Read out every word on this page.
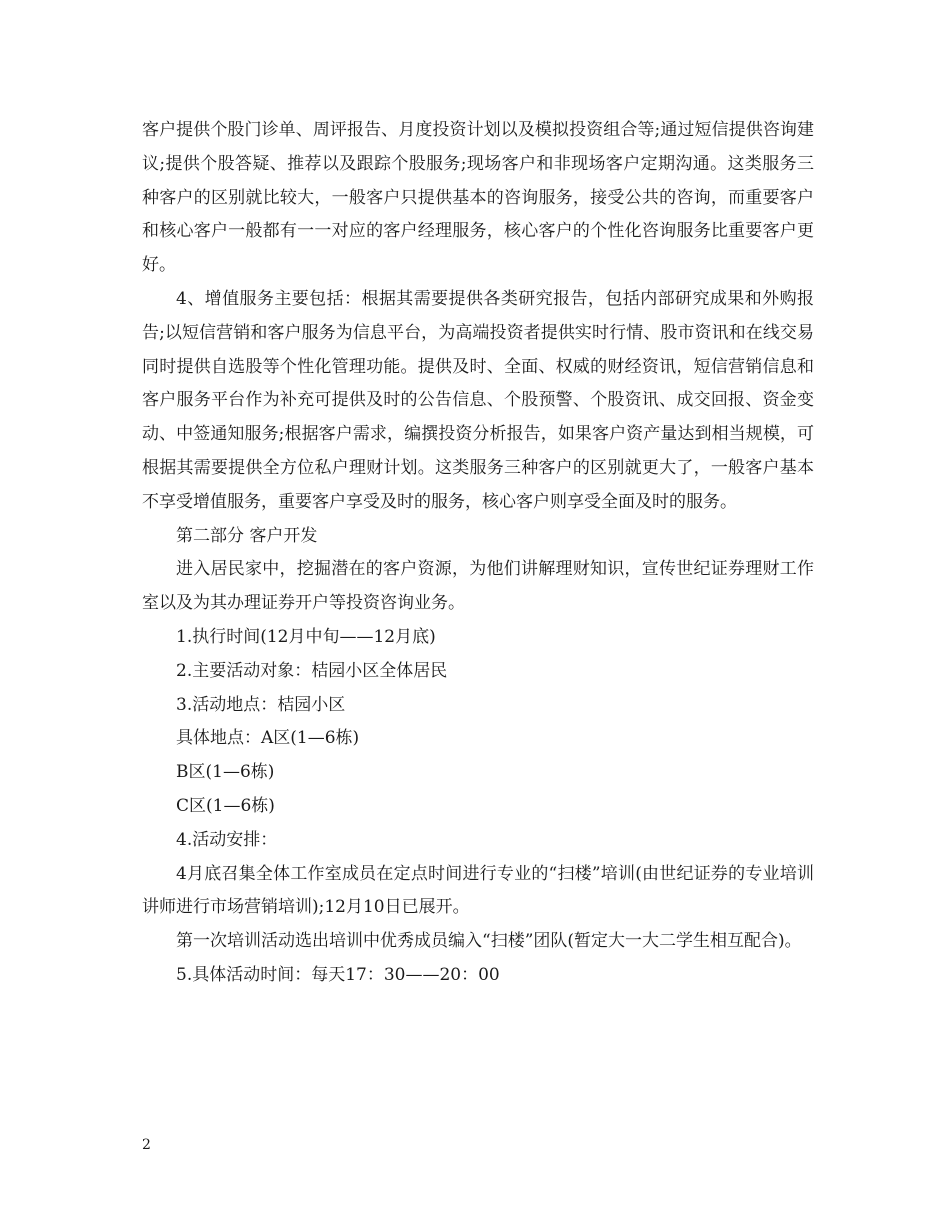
客户提供个股门诊单、周评报告、月度投资计划以及模拟投资组合等;通过短信提供咨询建议;提供个股答疑、推荐以及跟踪个股服务;现场客户和非现场客户定期沟通。这类服务三种客户的区别就比较大，一般客户只提供基本的咨询服务，接受公共的咨询，而重要客户和核心客户一般都有一一对应的客户经理服务，核心客户的个性化咨询服务比重要客户更好。

4、增值服务主要包括：根据其需要提供各类研究报告，包括内部研究成果和外购报告;以短信营销和客户服务为信息平台，为高端投资者提供实时行情、股市资讯和在线交易同时提供自选股等个性化管理功能。提供及时、全面、权威的财经资讯，短信营销信息和客户服务平台作为补充可提供及时的公告信息、个股预警、个股资讯、成交回报、资金变动、中签通知服务;根据客户需求，编撰投资分析报告，如果客户资产量达到相当规模，可根据其需要提供全方位私户理财计划。这类服务三种客户的区别就更大了，一般客户基本不享受增值服务，重要客户享受及时的服务，核心客户则享受全面及时的服务。

第二部分 客户开发

进入居民家中，挖掘潜在的客户资源，为他们讲解理财知识，宣传世纪证券理财工作室以及为其办理证券开户等投资咨询业务。

1.执行时间(12月中旬——12月底)

2.主要活动对象：桔园小区全体居民

3.活动地点：桔园小区

具体地点：A区(1—6栋)

B区(1—6栋)

C区(1—6栋)

4.活动安排：

4月底召集全体工作室成员在定点时间进行专业的“扫楼”培训(由世纪证券的专业培训讲师进行市场营销培训);12月10日已展开。

第一次培训活动选出培训中优秀成员编入“扫楼”团队(暂定大一大二学生相互配合)。

5.具体活动时间：每天17：30——20：00

2
